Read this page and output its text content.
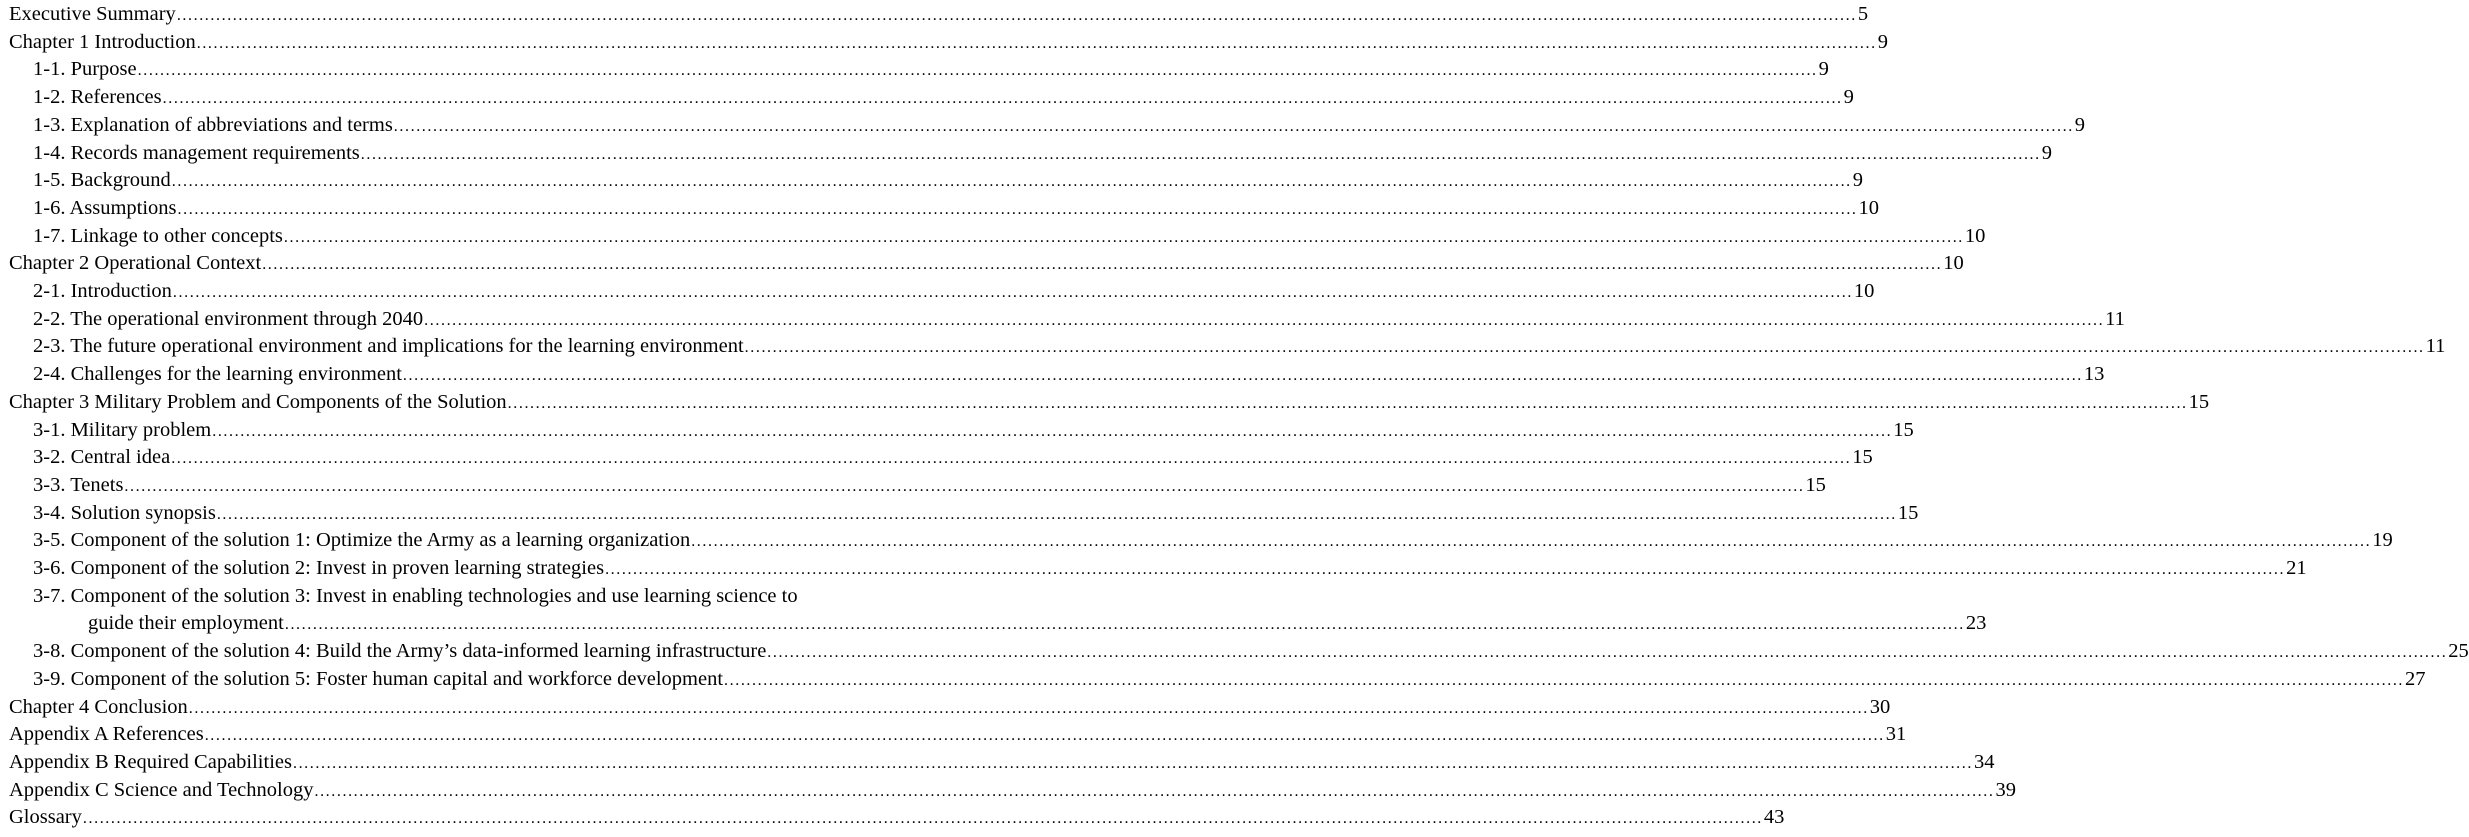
Executive Summary ............................................................................................................................................................................................................................................................................................................ 5
Chapter 1 Introduction ............................................................................................................................................................................................................................................................................................................ 9
1-1. Purpose ............................................................................................................................................................................................................................................................................................................ 9
1-2. References ............................................................................................................................................................................................................................................................................................................ 9
1-3. Explanation of abbreviations and terms ............................................................................................................................................................................................................................................................................................................ 9
1-4. Records management requirements ............................................................................................................................................................................................................................................................................................................ 9
1-5. Background ............................................................................................................................................................................................................................................................................................................ 9
1-6. Assumptions ............................................................................................................................................................................................................................................................................................................ 10
1-7. Linkage to other concepts ............................................................................................................................................................................................................................................................................................................ 10
Chapter 2 Operational Context ............................................................................................................................................................................................................................................................................................................ 10
2-1. Introduction ............................................................................................................................................................................................................................................................................................................ 10
2-2. The operational environment through 2040 ............................................................................................................................................................................................................................................................................................................ 11
2-3. The future operational environment and implications for the learning environment ............................................................................................................................................................................................................................................................................................................ 11
2-4. Challenges for the learning environment ............................................................................................................................................................................................................................................................................................................ 13
Chapter 3 Military Problem and Components of the Solution ............................................................................................................................................................................................................................................................................................................ 15
3-1. Military problem ............................................................................................................................................................................................................................................................................................................ 15
3-2. Central idea ............................................................................................................................................................................................................................................................................................................ 15
3-3. Tenets ............................................................................................................................................................................................................................................................................................................ 15
3-4. Solution synopsis ............................................................................................................................................................................................................................................................................................................ 15
3-5. Component of the solution 1: Optimize the Army as a learning organization ............................................................................................................................................................................................................................................................................................................ 19
3-6. Component of the solution 2: Invest in proven learning strategies ............................................................................................................................................................................................................................................................................................................ 21
3-7. Component of the solution 3: Invest in enabling technologies and use learning science to
guide their employment ............................................................................................................................................................................................................................................................................................................ 23
3-8. Component of the solution 4: Build the Army’s data-informed learning infrastructure ............................................................................................................................................................................................................................................................................................................ 25
3-9. Component of the solution 5: Foster human capital and workforce development ............................................................................................................................................................................................................................................................................................................ 27
Chapter 4 Conclusion ............................................................................................................................................................................................................................................................................................................ 30
Appendix A References ............................................................................................................................................................................................................................................................................................................ 31
Appendix B Required Capabilities ............................................................................................................................................................................................................................................................................................................ 34
Appendix C Science and Technology ............................................................................................................................................................................................................................................................................................................ 39
Glossary ............................................................................................................................................................................................................................................................................................................ 43
